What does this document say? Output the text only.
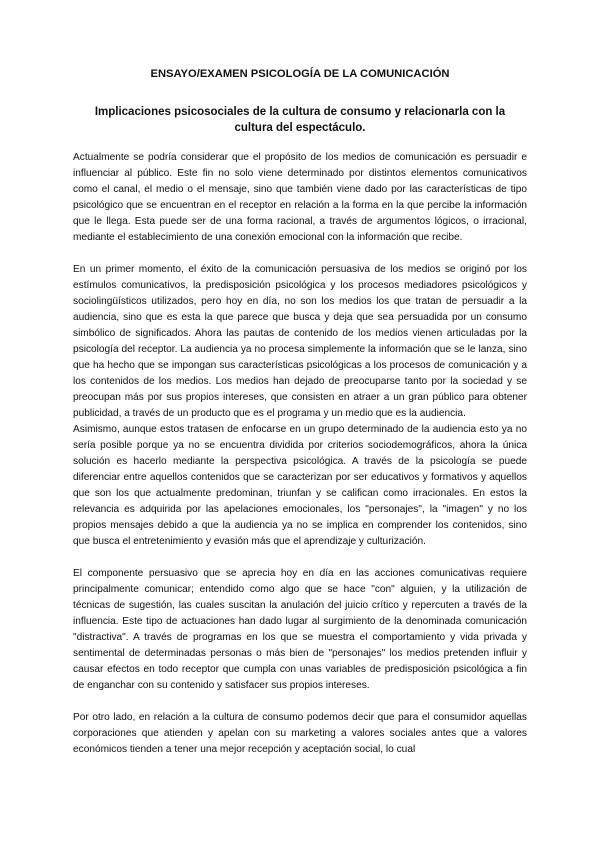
ENSAYO/EXAMEN PSICOLOGÍA DE LA COMUNICACIÓN
Implicaciones psicosociales de la cultura de consumo y relacionarla con la cultura del espectáculo.

Actualmente se podría considerar que el propósito de los medios de comunicación es persuadir e influenciar al público. Este fin no solo viene determinado por distintos elementos comunicativos como el canal, el medio o el mensaje, sino que también viene dado por las características de tipo psicológico que se encuentran en el receptor en relación a la forma en la que percibe la información que le llega. Esta puede ser de una forma racional, a través de argumentos lógicos, o irracional, mediante el establecimiento de una conexión emocional con la información que recibe.

En un primer momento, el éxito de la comunicación persuasiva de los medios se originó por los estímulos comunicativos, la predisposición psicológica y los procesos mediadores psicológicos y sociolingüísticos utilizados, pero hoy en día, no son los medios los que tratan de persuadir a la audiencia, sino que es esta la que parece que busca y deja que sea persuadida por un consumo simbólico de significados. Ahora las pautas de contenido de los medios vienen articuladas por la psicología del receptor. La audiencia ya no procesa simplemente la información que se le lanza, sino que ha hecho que se impongan sus características psicológicas a los procesos de comunicación y a los contenidos de los medios. Los medios han dejado de preocuparse tanto por la sociedad y se preocupan más por sus propios intereses, que consisten en atraer a un gran público para obtener publicidad, a través de un producto que es el programa y un medio que es la audiencia.

Asimismo, aunque estos tratasen de enfocarse en un grupo determinado de la audiencia esto ya no sería posible porque ya no se encuentra dividida por criterios sociodemográficos, ahora la única solución es hacerlo mediante la perspectiva psicológica. A través de la psicología se puede diferenciar entre aquellos contenidos que se caracterizan por ser educativos y formativos y aquellos que son los que actualmente predominan, triunfan y se califican como irracionales. En estos la relevancia es adquirida por las apelaciones emocionales, los "personajes", la "imagen" y no los propios mensajes debido a que la audiencia ya no se implica en comprender los contenidos, sino que busca el entretenimiento y evasión más que el aprendizaje y culturización.

El componente persuasivo que se aprecia hoy en día en las acciones comunicativas requiere principalmente comunicar; entendido como algo que se hace "con" alguien, y la utilización de técnicas de sugestión, las cuales suscitan la anulación del juicio crítico y repercuten a través de la influencia. Este tipo de actuaciones han dado lugar al surgimiento de la denominada comunicación "distractiva". A través de programas en los que se muestra el comportamiento y vida privada y sentimental de determinadas personas o más bien de "personajes" los medios pretenden influir y causar efectos en todo receptor que cumpla con unas variables de predisposición psicológica a fin de enganchar con su contenido y satisfacer sus propios intereses.

Por otro lado, en relación a la cultura de consumo podemos decir que para el consumidor aquellas corporaciones que atienden y apelan con su marketing a valores sociales antes que a valores económicos tienden a tener una mejor recepción y aceptación social, lo cual
